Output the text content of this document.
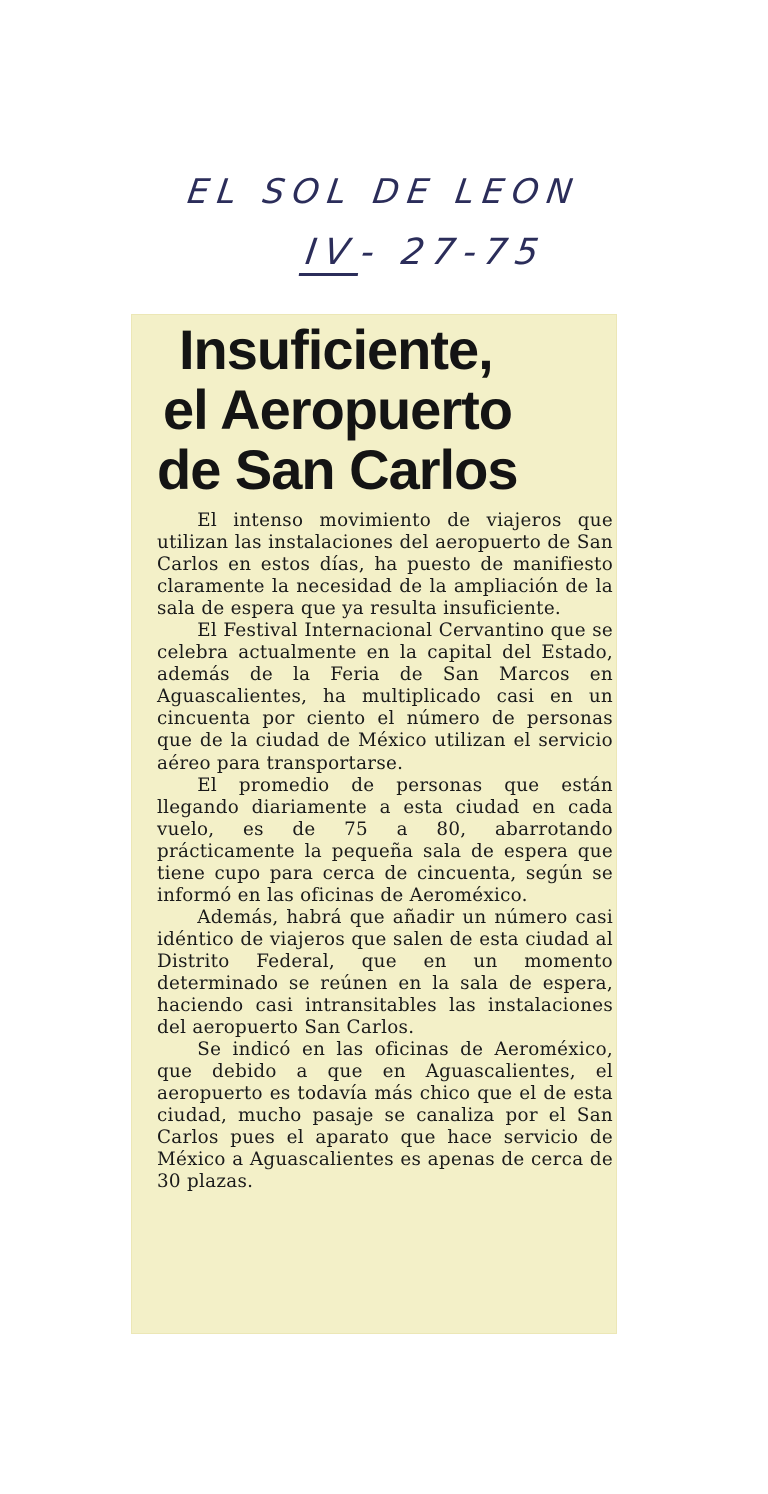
EL SOL DE LEON
IV- 27-75
Insuficiente,
el Aeropuerto
de San Carlos

El intenso movimiento de viajeros que utilizan las instalaciones del aeropuerto de San Carlos en estos días, ha puesto de manifiesto claramente la necesidad de la ampliación de la sala de espera que ya resulta insuficiente.

El Festival Internacional Cervantino que se celebra actualmente en la capital del Estado, además de la Feria de San Marcos en Aguascalientes, ha multiplicado casi en un cincuenta por ciento el número de personas que de la ciudad de México utilizan el servicio aéreo para transportarse.

El promedio de personas que están llegando diariamente a esta ciudad en cada vuelo, es de 75 a 80, abarrotando prácticamente la pequeña sala de espera que tiene cupo para cerca de cincuenta, según se informó en las oficinas de Aeroméxico.

Además, habrá que añadir un número casi idéntico de viajeros que salen de esta ciudad al Distrito Federal, que en un momento determinado se reúnen en la sala de espera, haciendo casi intransitables las instalaciones del aeropuerto San Carlos.

Se indicó en las oficinas de Aeroméxico, que debido a que en Aguascalientes, el aeropuerto es todavía más chico que el de esta ciudad, mucho pasaje se canaliza por el San Carlos pues el aparato que hace servicio de México a Aguascalientes es apenas de cerca de 30 plazas.
